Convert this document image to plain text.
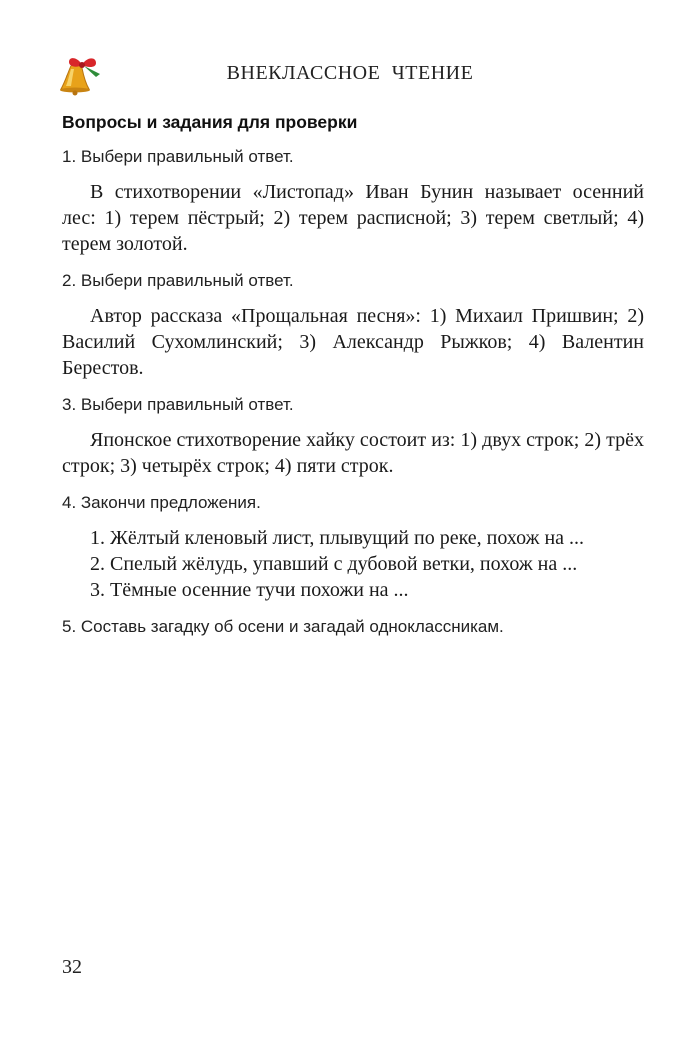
ВНЕКЛАССНОЕ ЧТЕНИЕ
Вопросы и задания для проверки
1. Выбери правильный ответ.
В стихотворении «Листопад» Иван Бунин называет осенний лес: 1) терем пёстрый; 2) терем расписной; 3) терем светлый; 4) терем золотой.
2. Выбери правильный ответ.
Автор рассказа «Прощальная песня»: 1) Михаил Пришвин; 2) Василий Сухомлинский; 3) Александр Рыжков; 4) Валентин Берестов.
3. Выбери правильный ответ.
Японское стихотворение хайку состоит из: 1) двух строк; 2) трёх строк; 3) четырёх строк; 4) пяти строк.
4. Закончи предложения.
1. Жёлтый кленовый лист, плывущий по реке, похож на ...
2. Спелый жёлудь, упавший с дубовой ветки, похож на ...
3. Тёмные осенние тучи похожи на ...
5. Составь загадку об осени и загадай одноклассникам.
32
